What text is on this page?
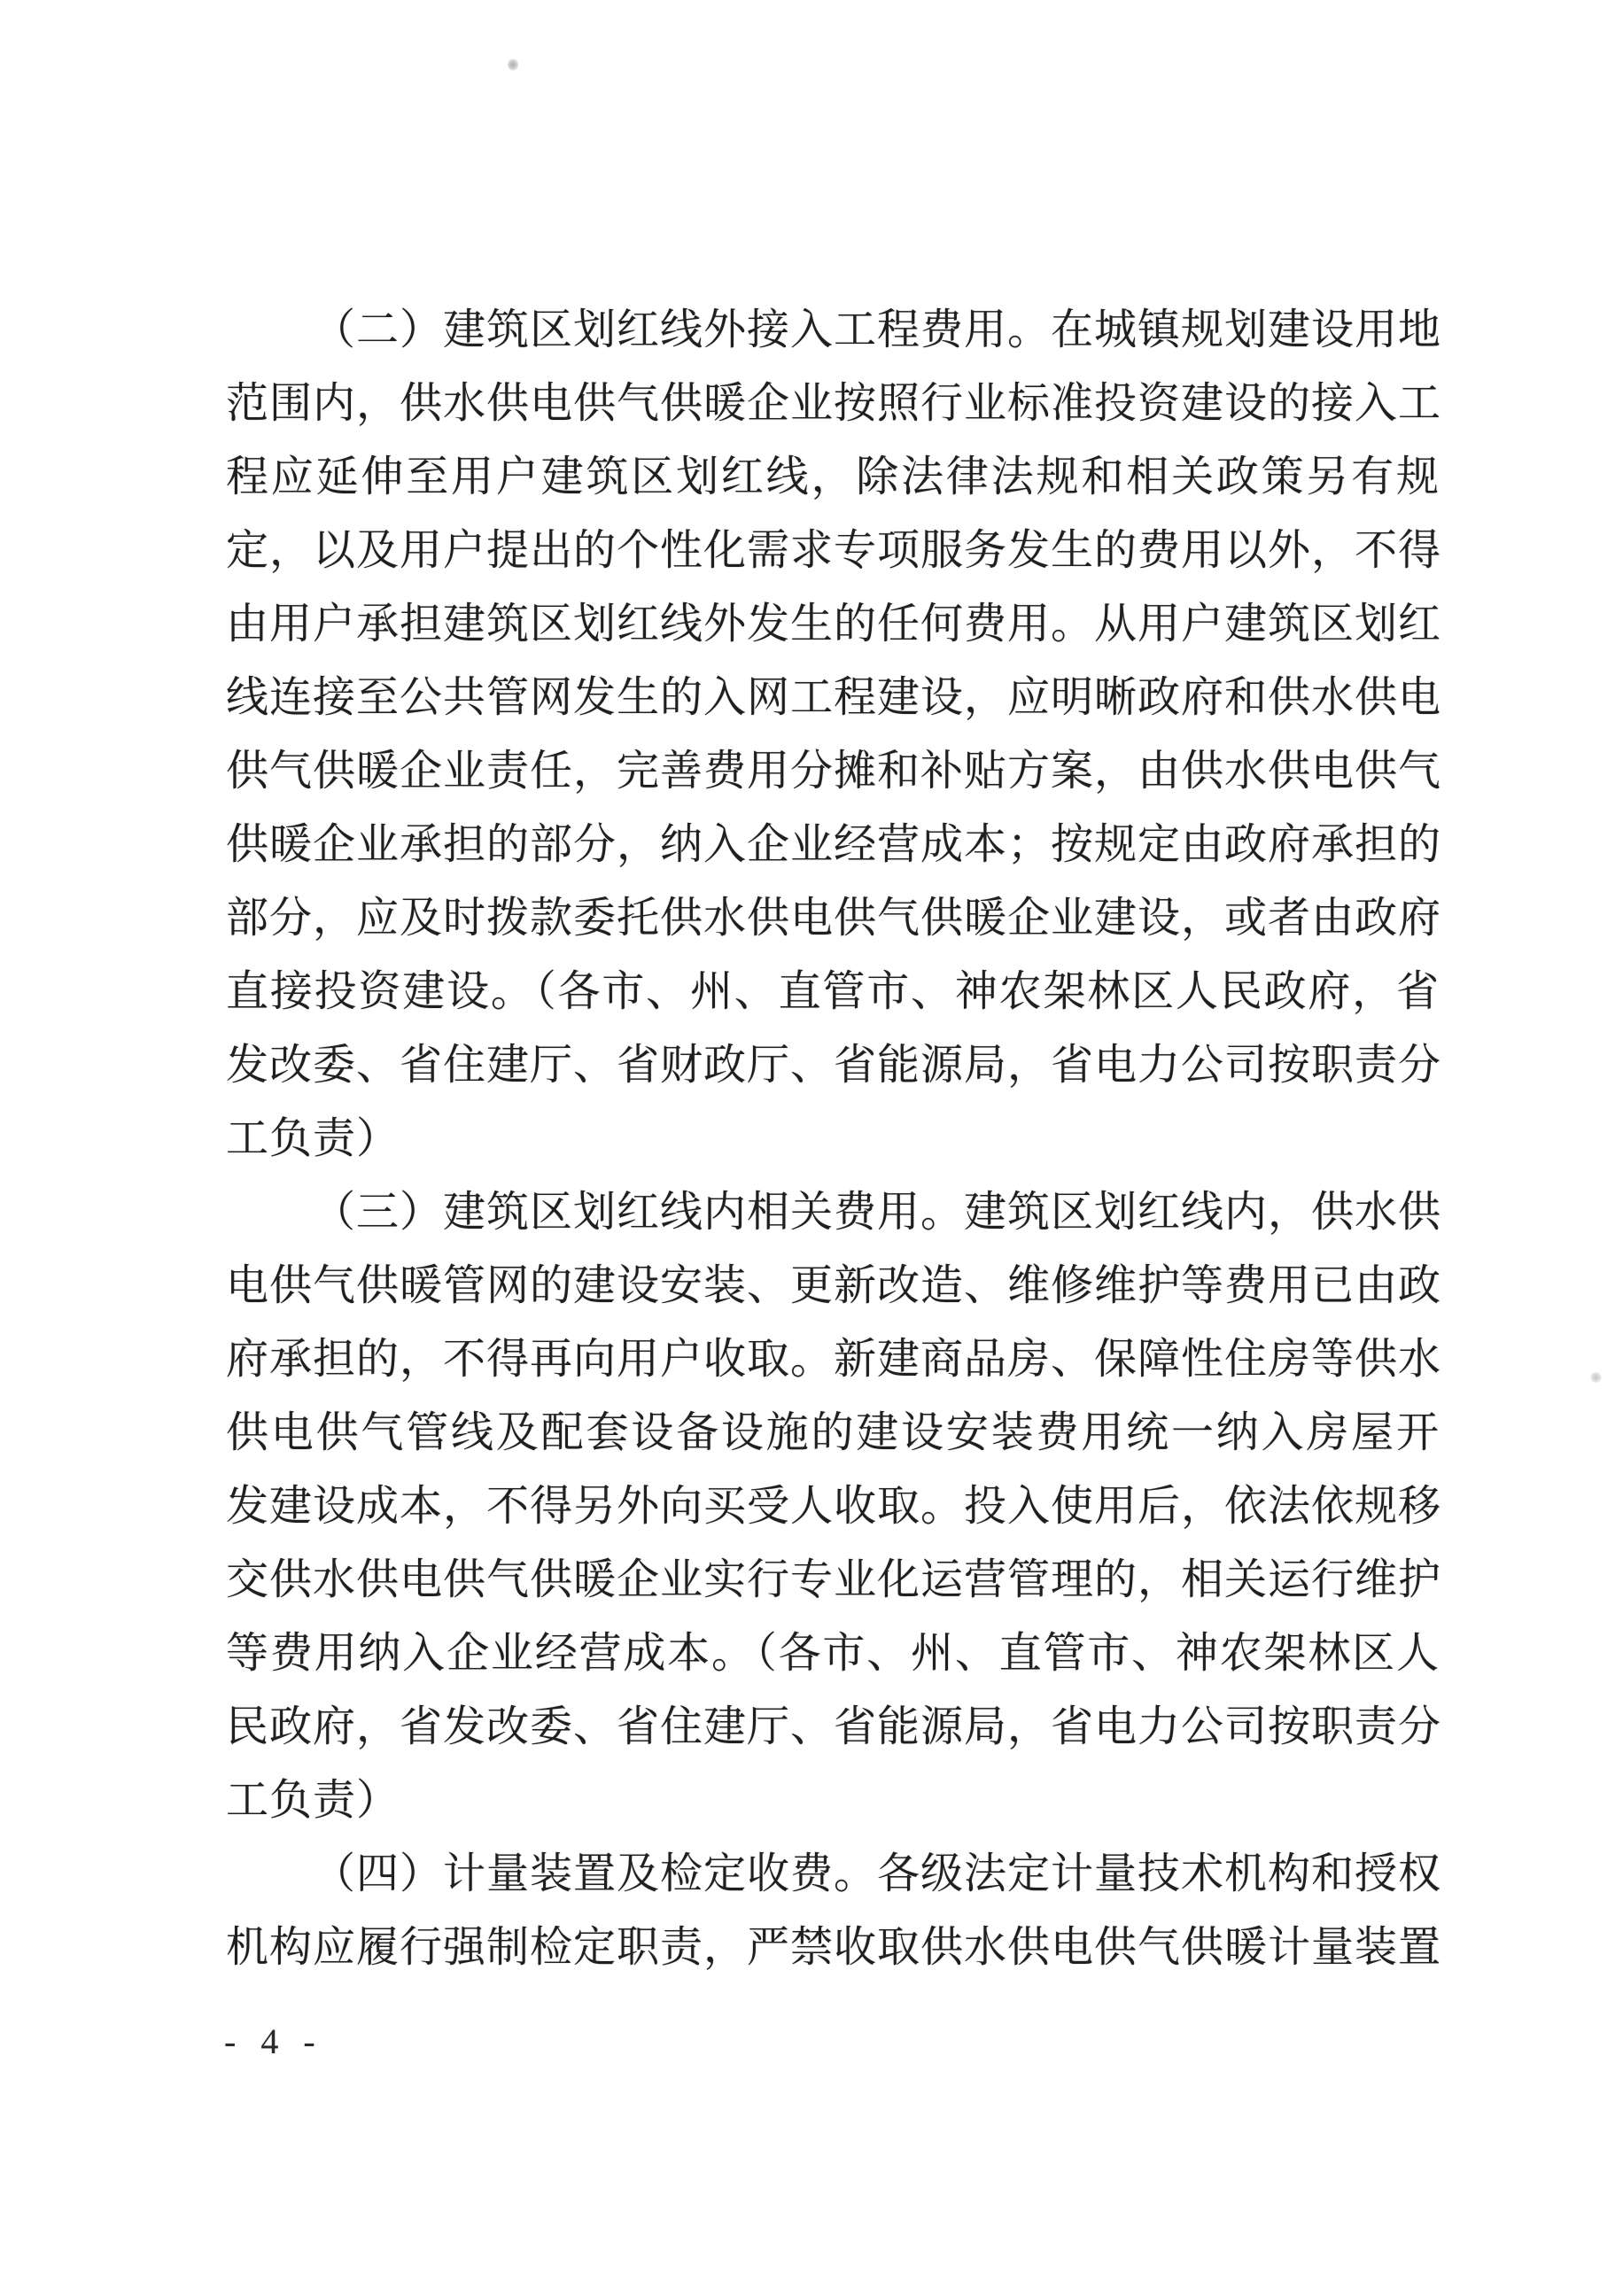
（二）建筑区划红线外接入工程费用。在城镇规划建设用地
范围内，供水供电供气供暖企业按照行业标准投资建设的接入工
程应延伸至用户建筑区划红线，除法律法规和相关政策另有规
定，以及用户提出的个性化需求专项服务发生的费用以外，不得
由用户承担建筑区划红线外发生的任何费用。从用户建筑区划红
线连接至公共管网发生的入网工程建设，应明晰政府和供水供电
供气供暖企业责任，完善费用分摊和补贴方案，由供水供电供气
供暖企业承担的部分，纳入企业经营成本；按规定由政府承担的
部分，应及时拨款委托供水供电供气供暖企业建设，或者由政府
直接投资建设。（各市、州、直管市、神农架林区人民政府，省
发改委、省住建厅、省财政厅、省能源局，省电力公司按职责分
工负责）
（三）建筑区划红线内相关费用。建筑区划红线内，供水供
电供气供暖管网的建设安装、更新改造、维修维护等费用已由政
府承担的，不得再向用户收取。新建商品房、保障性住房等供水
供电供气管线及配套设备设施的建设安装费用统一纳入房屋开
发建设成本，不得另外向买受人收取。投入使用后，依法依规移
交供水供电供气供暖企业实行专业化运营管理的，相关运行维护
等费用纳入企业经营成本。（各市、州、直管市、神农架林区人
民政府，省发改委、省住建厅、省能源局，省电力公司按职责分
工负责）
（四）计量装置及检定收费。各级法定计量技术机构和授权
机构应履行强制检定职责，严禁收取供水供电供气供暖计量装置
- 4 -
